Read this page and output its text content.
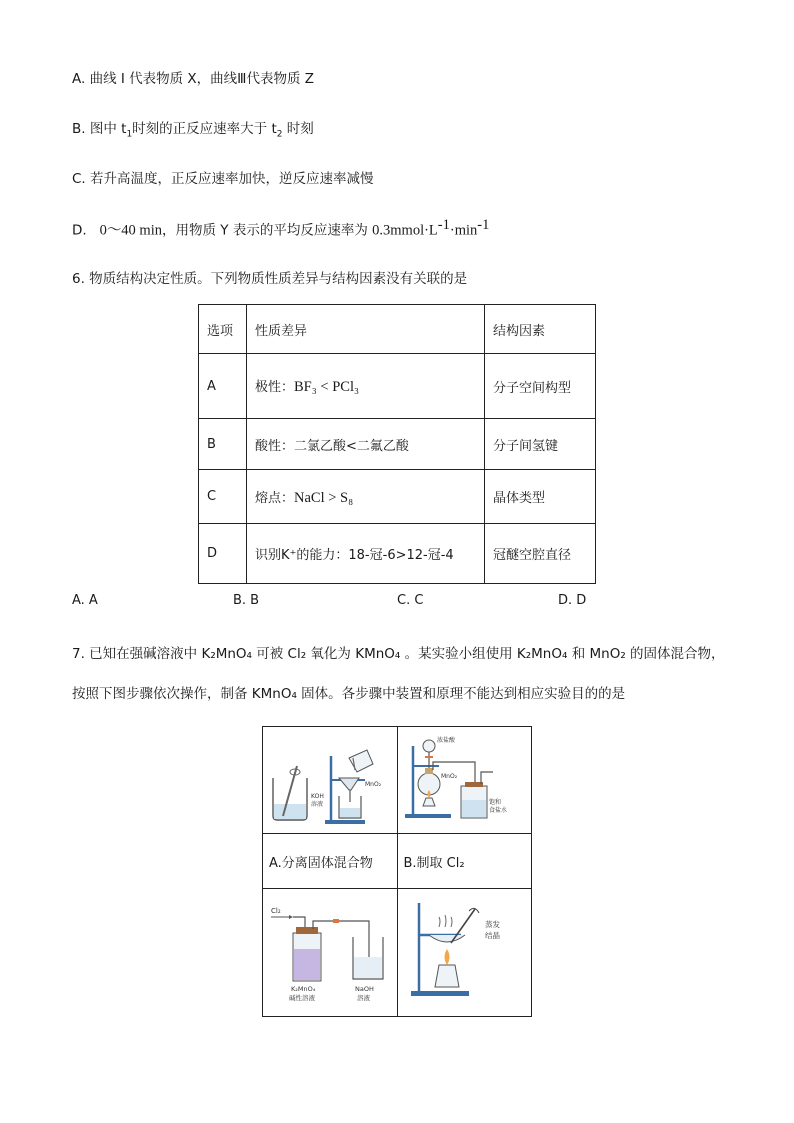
A. 曲线 I 代表物质 X，曲线Ⅲ代表物质 Z
B. 图中 $t_1$时刻的正反应速率大于 $t_2$ 时刻
C. 若升高温度，正反应速率加快，逆反应速率减慢
D. 0～40 min，用物质 Y 表示的平均反应速率为 $0.3mmol\cdot L^{-1}\cdot\min^{-1}$
6. 物质结构决定性质。下列物质性质差异与结构因素没有关联的是
选项	性质差异	结构因素
A	极性：BF₃ < PCl₃	分子空间构型
B	酸性：二氯乙酸<二氟乙酸	分子间氢键
C	熔点：NaCl > S₈	晶体类型
D	识别K⁺的能力：18-冠-6>12-冠-4	冠醚空腔直径
A. A	B. B	C. C	D. D
7. 已知在强碱溶液中 K₂MnO₄ 可被 Cl₂ 氧化为 KMnO₄ 。某实验小组使用 K₂MnO₄ 和 MnO₂ 的固体混合物，
按照下图步骤依次操作，制备 KMnO₄ 固体。各步骤中装置和原理不能达到相应实验目的的是
KOH
溶液
MnO₂	浓盐酸
MnO₂
饱和
食盐水

A.分离固体混合物	B.制取 Cl₂

Cl₂
K₂MnO₄
碱性溶液
NaOH
溶液	蒸发
结晶
